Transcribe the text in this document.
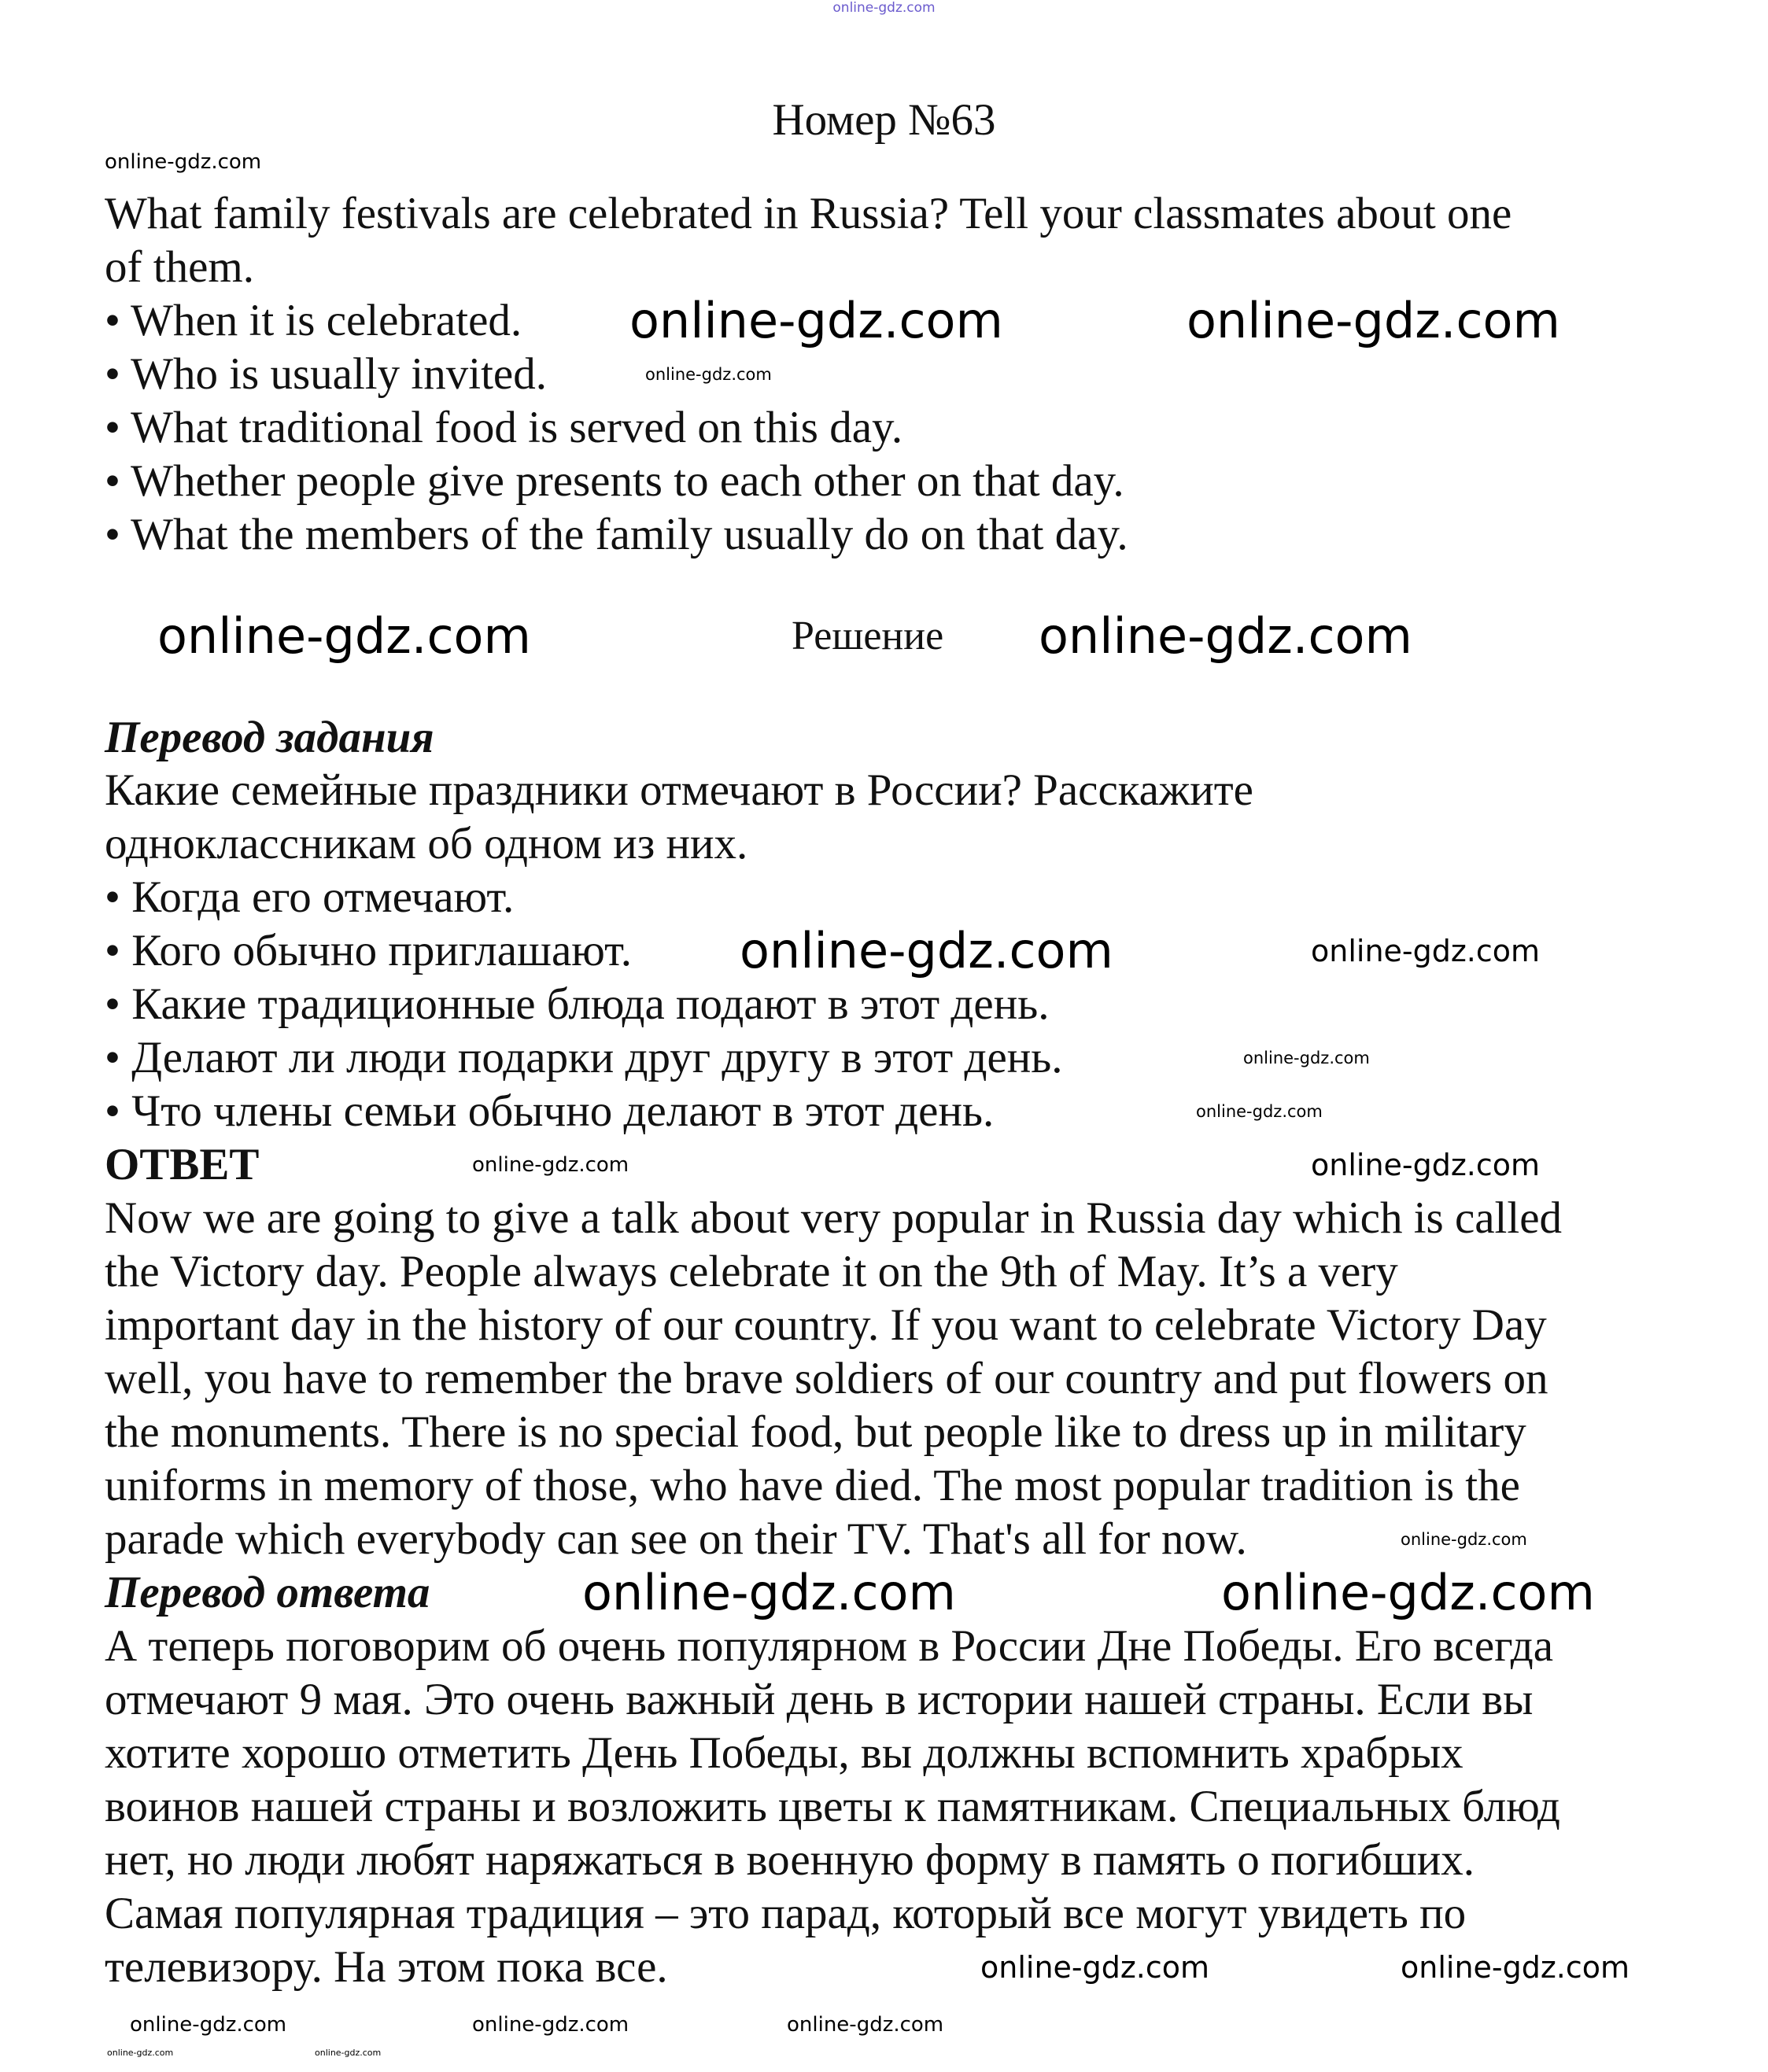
online-gdz.com
Номер №63
What family festivals are celebrated in Russia? Tell your classmates about one
of them.
• When it is celebrated.
• Who is usually invited.
• What traditional food is served on this day.
• Whether people give presents to each other on that day.
• What the members of the family usually do on that day.
Решение
Перевод задания
Какие семейные праздники отмечают в России? Расскажите
одноклассникам об одном из них.
• Когда его отмечают.
• Кого обычно приглашают.
• Какие традиционные блюда подают в этот день.
• Делают ли люди подарки друг другу в этот день.
• Что члены семьи обычно делают в этот день.
ОТВЕТ
Now we are going to give a talk about very popular in Russia day which is called
the Victory day. People always celebrate it on the 9th of May. It’s a very
important day in the history of our country. If you want to celebrate Victory Day
well, you have to remember the brave soldiers of our country and put flowers on
the monuments. There is no special food, but people like to dress up in military
uniforms in memory of those, who have died. The most popular tradition is the
parade which everybody can see on their TV. That's all for now.
Перевод ответа
А теперь поговорим об очень популярном в России Дне Победы. Его всегда
отмечают 9 мая. Это очень важный день в истории нашей страны. Если вы
хотите хорошо отметить День Победы, вы должны вспомнить храбрых
воинов нашей страны и возложить цветы к памятникам. Специальных блюд
нет, но люди любят наряжаться в военную форму в память о погибших.
Самая популярная традиция – это парад, который все могут увидеть по
телевизору. На этом пока все.
online-gdz.com	online-gdz.com
online-gdz.com	online-gdz.com
online-gdz.com
online-gdz.com	online-gdz.com
online-gdz.com
online-gdz.com
online-gdz.com
online-gdz.com
online-gdz.com
online-gdz.com
online-gdz.com
online-gdz.com
online-gdz.com
online-gdz.com
online-gdz.com	online-gdz.com	online-gdz.com
online-gdz.com	online-gdz.com
